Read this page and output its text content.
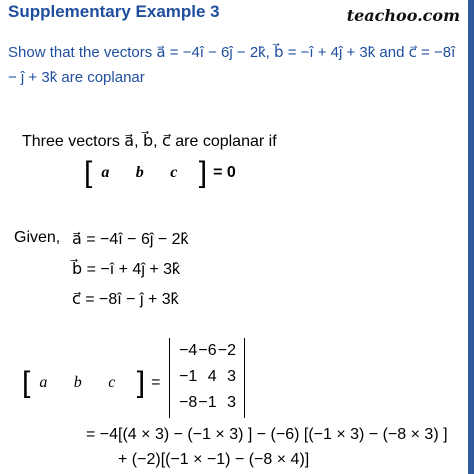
Supplementary Example 3	teachoo.com
Show that the vectors a⃗ = −4î − 6ĵ − 2k̂, b⃗ = −î + 4ĵ + 3k̂ and c⃗ = −8î
− ĵ + 3k̂ are coplanar
Three vectors a⃗, b⃗, c⃗ are coplanar if
[ a⃗ b⃗ c⃗ ] = 0
Given, a⃗ = −4î − 6ĵ − 2k̂
b⃗ = −î + 4ĵ + 3k̂
c⃗ = −8î − ĵ + 3k̂
[ a⃗ b⃗ c⃗ ] =
−4 −6 −2
−1 4 3
−8 −1 3
= −4[(4 × 3) − (−1 × 3) ] − (−6) [(−1 × 3) − (−8 × 3) ]
+ (−2)[(−1 × −1) − (−8 × 4)]
